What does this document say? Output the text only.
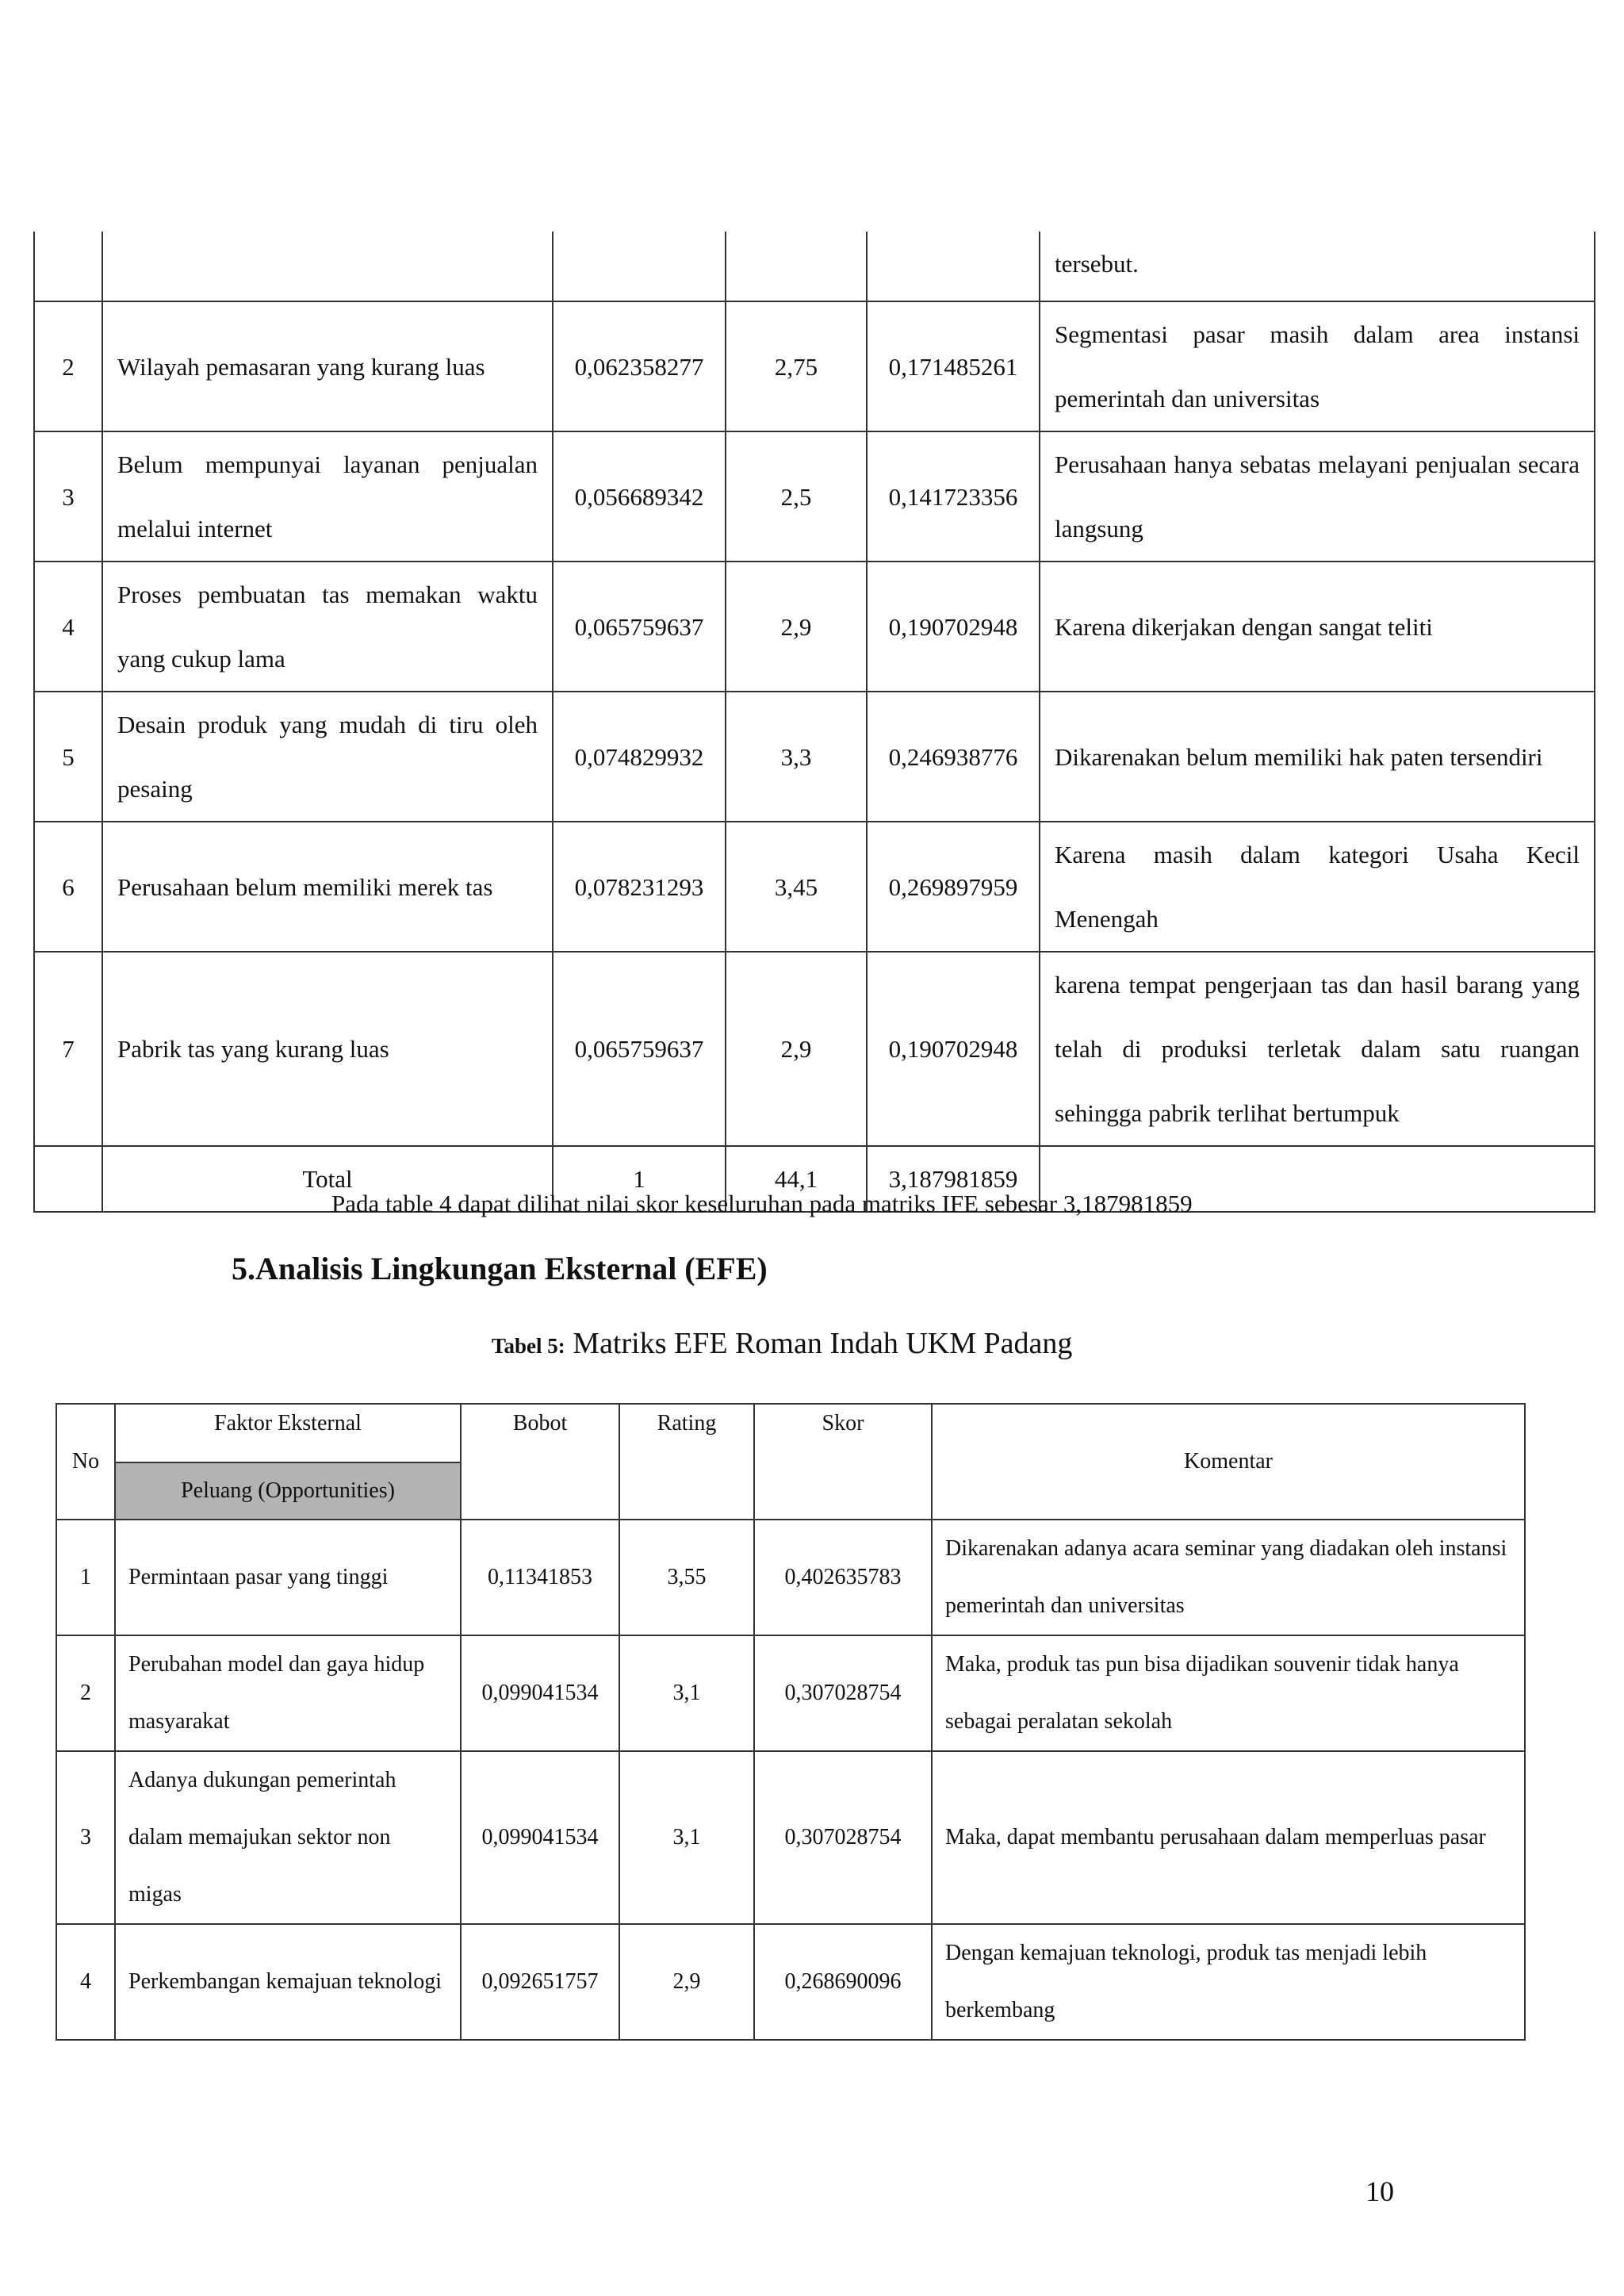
					tersebut.
2	Wilayah pemasaran yang kurang luas	0,062358277	2,75	0,171485261	Segmentasi pasar masih dalam area instansi pemerintah dan universitas
3	Belum mempunyai layanan penjualan melalui internet	0,056689342	2,5	0,141723356	Perusahaan hanya sebatas melayani penjualan secara langsung
4	Proses pembuatan tas memakan waktu yang cukup lama	0,065759637	2,9	0,190702948	Karena dikerjakan dengan sangat teliti
5	Desain produk yang mudah di tiru oleh pesaing	0,074829932	3,3	0,246938776	Dikarenakan belum memiliki hak paten tersendiri
6	Perusahaan belum memiliki merek tas	0,078231293	3,45	0,269897959	Karena masih dalam kategori Usaha Kecil Menengah
7	Pabrik tas yang kurang luas	0,065759637	2,9	0,190702948	karena tempat pengerjaan tas dan hasil barang yang telah di produksi terletak dalam satu ruangan sehingga pabrik terlihat bertumpuk
	Total	1	44,1	3,187981859	
Pada table 4 dapat dilihat nilai skor keseluruhan pada matriks IFE sebesar 3,187981859
5.Analisis Lingkungan Eksternal (EFE)
Tabel 5: Matriks EFE Roman Indah UKM Padang
No	Faktor Eksternal	Bobot	Rating	Skor	Komentar
	Peluang (Opportunities)				
1	Permintaan pasar yang tinggi	0,11341853	3,55	0,402635783	Dikarenakan adanya acara seminar yang diadakan oleh instansi pemerintah dan universitas
2	Perubahan model dan gaya hidup masyarakat	0,099041534	3,1	0,307028754	Maka, produk tas pun bisa dijadikan souvenir tidak hanya sebagai peralatan sekolah
3	Adanya dukungan pemerintah dalam memajukan sektor non migas	0,099041534	3,1	0,307028754	Maka, dapat membantu perusahaan dalam memperluas pasar
4	Perkembangan kemajuan teknologi	0,092651757	2,9	0,268690096	Dengan kemajuan teknologi, produk tas menjadi lebih berkembang
10
